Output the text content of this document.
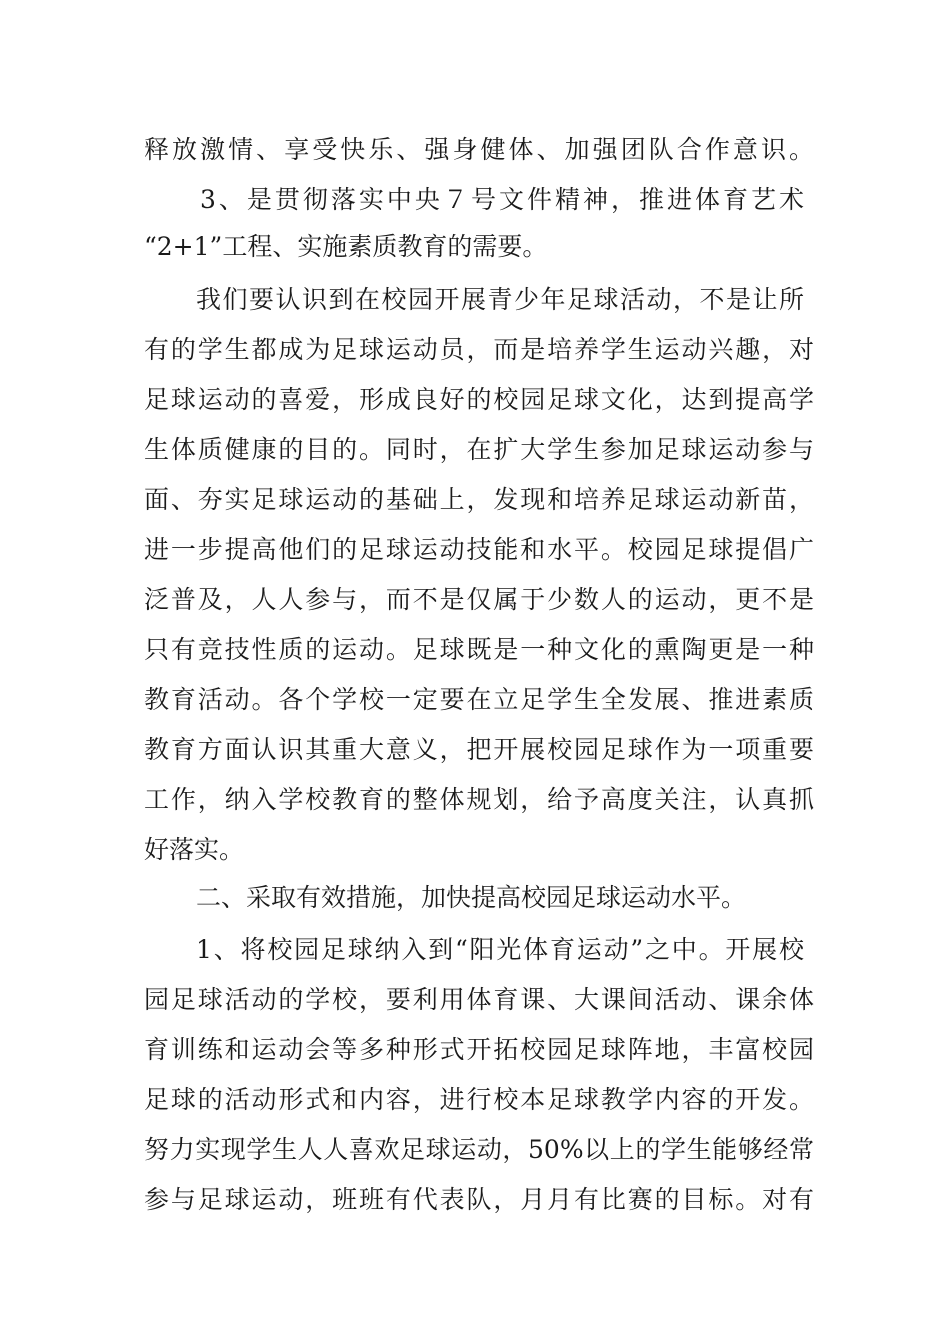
释放激情、享受快乐、强身健体、加强团队合作意识。
3、是贯彻落实中央７号文件精神，推进体育艺术
“2+1”工程、实施素质教育的需要。
我们要认识到在校园开展青少年足球活动，不是让所
有的学生都成为足球运动员，而是培养学生运动兴趣，对
足球运动的喜爱，形成良好的校园足球文化，达到提高学
生体质健康的目的。同时，在扩大学生参加足球运动参与
面、夯实足球运动的基础上，发现和培养足球运动新苗，
进一步提高他们的足球运动技能和水平。校园足球提倡广
泛普及，人人参与，而不是仅属于少数人的运动，更不是
只有竞技性质的运动。足球既是一种文化的熏陶更是一种
教育活动。各个学校一定要在立足学生全发展、推进素质
教育方面认识其重大意义，把开展校园足球作为一项重要
工作，纳入学校教育的整体规划，给予高度关注，认真抓
好落实。
二、采取有效措施，加快提高校园足球运动水平。
1、将校园足球纳入到“阳光体育运动”之中。开展校
园足球活动的学校，要利用体育课、大课间活动、课余体
育训练和运动会等多种形式开拓校园足球阵地，丰富校园
足球的活动形式和内容，进行校本足球教学内容的开发。
努力实现学生人人喜欢足球运动，50%以上的学生能够经常
参与足球运动，班班有代表队，月月有比赛的目标。对有
